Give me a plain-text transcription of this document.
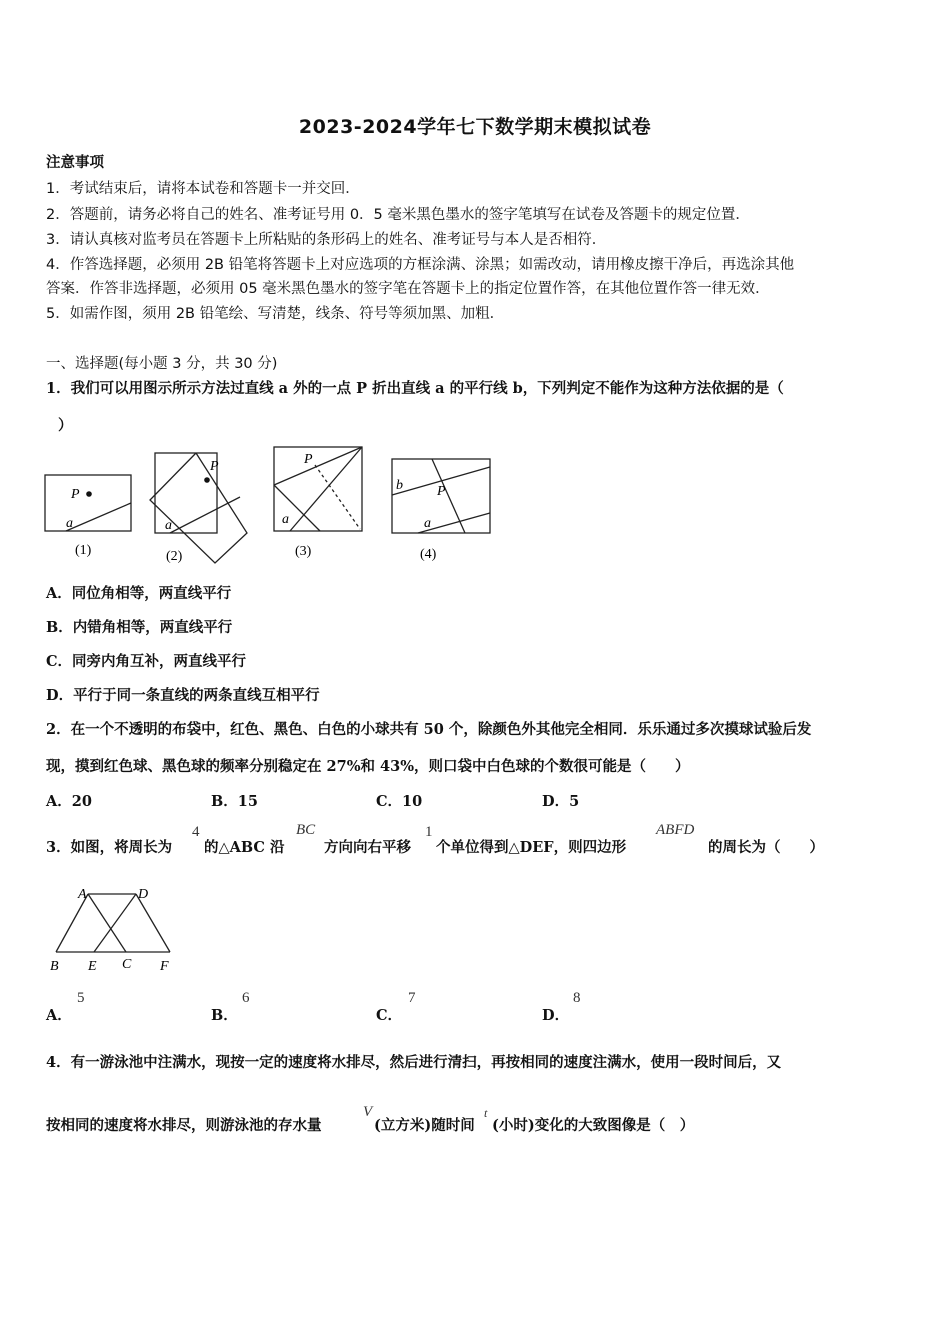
2023-2024学年七下数学期末模拟试卷
注意事项
1．考试结束后，请将本试卷和答题卡一并交回．
2．答题前，请务必将自己的姓名、准考证号用 0．5 毫米黑色墨水的签字笔填写在试卷及答题卡的规定位置．
3．请认真核对监考员在答题卡上所粘贴的条形码上的姓名、准考证号与本人是否相符．
4．作答选择题，必须用 2B 铅笔将答题卡上对应选项的方框涂满、涂黑；如需改动，请用橡皮擦干净后，再选涂其他
答案．作答非选择题，必须用 05 毫米黑色墨水的签字笔在答题卡上的指定位置作答，在其他位置作答一律无效．
5．如需作图，须用 2B 铅笔绘、写清楚，线条、符号等须加黑、加粗．
一、选择题(每小题 3 分，共 30 分)
1．我们可以用图示所示方法过直线 a 外的一点 P 折出直线 a 的平行线 b，下列判定不能作为这种方法依据的是（
）
P
a
P
a
P
a
b P
a
(1)	(2)	(3)	(4)
A．同位角相等，两直线平行
B．内错角相等，两直线平行
C．同旁内角互补，两直线平行
D．平行于同一条直线的两条直线互相平行
2．在一个不透明的布袋中，红色、黑色、白色的小球共有 50 个，除颜色外其他完全相同．乐乐通过多次摸球试验后发
现，摸到红色球、黑色球的频率分别稳定在 27%和 43%，则口袋中白色球的个数很可能是（　　）
A．20	B．15	C．10	D．5
3．如图，将周长为
4
的△ABC 沿
BC
方向向右平移
1
个单位得到△DEF，则四边形
ABFD
的周长为（　　）
A	D
B E C F
A．
5
B．
6
C．
7
D．
8
4．有一游泳池中注满水，现按一定的速度将水排尽，然后进行清扫，再按相同的速度注满水，使用一段时间后，又
按相同的速度将水排尽，则游泳池的存水量
V
(立方米)随时间
t
(小时)变化的大致图像是（　）
